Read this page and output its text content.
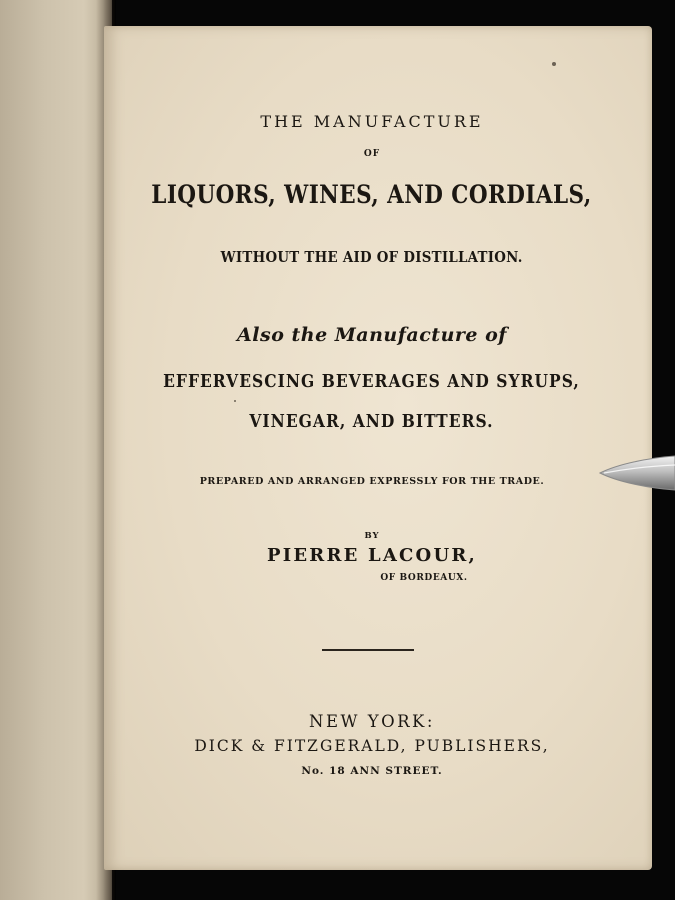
THE MANUFACTURE

OF

LIQUORS, WINES, AND CORDIALS,

WITHOUT THE AID OF DISTILLATION.

Also the Manufacture of

EFFERVESCING BEVERAGES AND SYRUPS,

VINEGAR, AND BITTERS.

PREPARED AND ARRANGED EXPRESSLY FOR THE TRADE.

BY

PIERRE LACOUR,

OF BORDEAUX.

NEW YORK:

DICK & FITZGERALD, PUBLISHERS,

No. 18 ANN STREET.
